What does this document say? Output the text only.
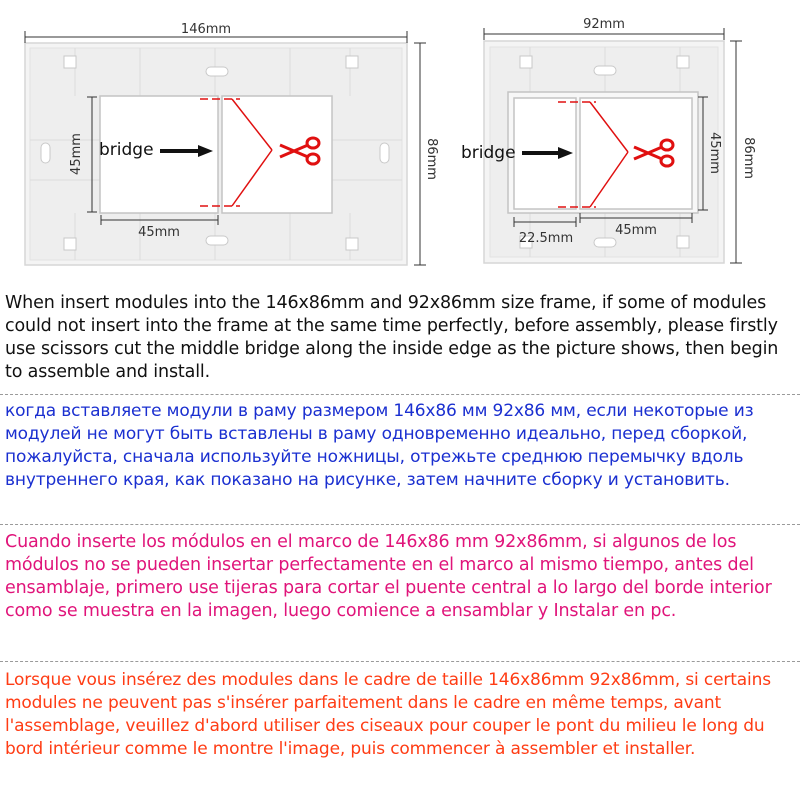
bridge
146mm
86mm
45mm
45mm
bridge
92mm
86mm
45mm
22.5mm
45mm

When insert modules into the 146x86mm and 92x86mm size frame, if some of modules could not insert into the frame at the same time perfectly, before assembly, please firstly use scissors cut the middle bridge along the inside edge as the picture shows, then begin to assemble and install.

когда вставляете модули в раму размером 146x86 мм 92x86 мм, если некоторые из модулей не могут быть вставлены в раму одновременно идеально, перед сборкой, пожалуйста, сначала используйте ножницы, отрежьте среднюю перемычку вдоль внутреннего края, как показано на рисунке, затем начните сборку и установить.

Cuando inserte los módulos en el marco de 146x86 mm 92x86mm, si algunos de los módulos no se pueden insertar perfectamente en el marco al mismo tiempo, antes del ensamblaje, primero use tijeras para cortar el puente central a lo largo del borde interior como se muestra en la imagen, luego comience a ensamblar y Instalar en pc.

Lorsque vous insérez des modules dans le cadre de taille 146x86mm 92x86mm, si certains modules ne peuvent pas s'insérer parfaitement dans le cadre en même temps, avant l'assemblage, veuillez d'abord utiliser des ciseaux pour couper le pont du milieu le long du bord intérieur comme le montre l'image, puis commencer à assembler et installer.
